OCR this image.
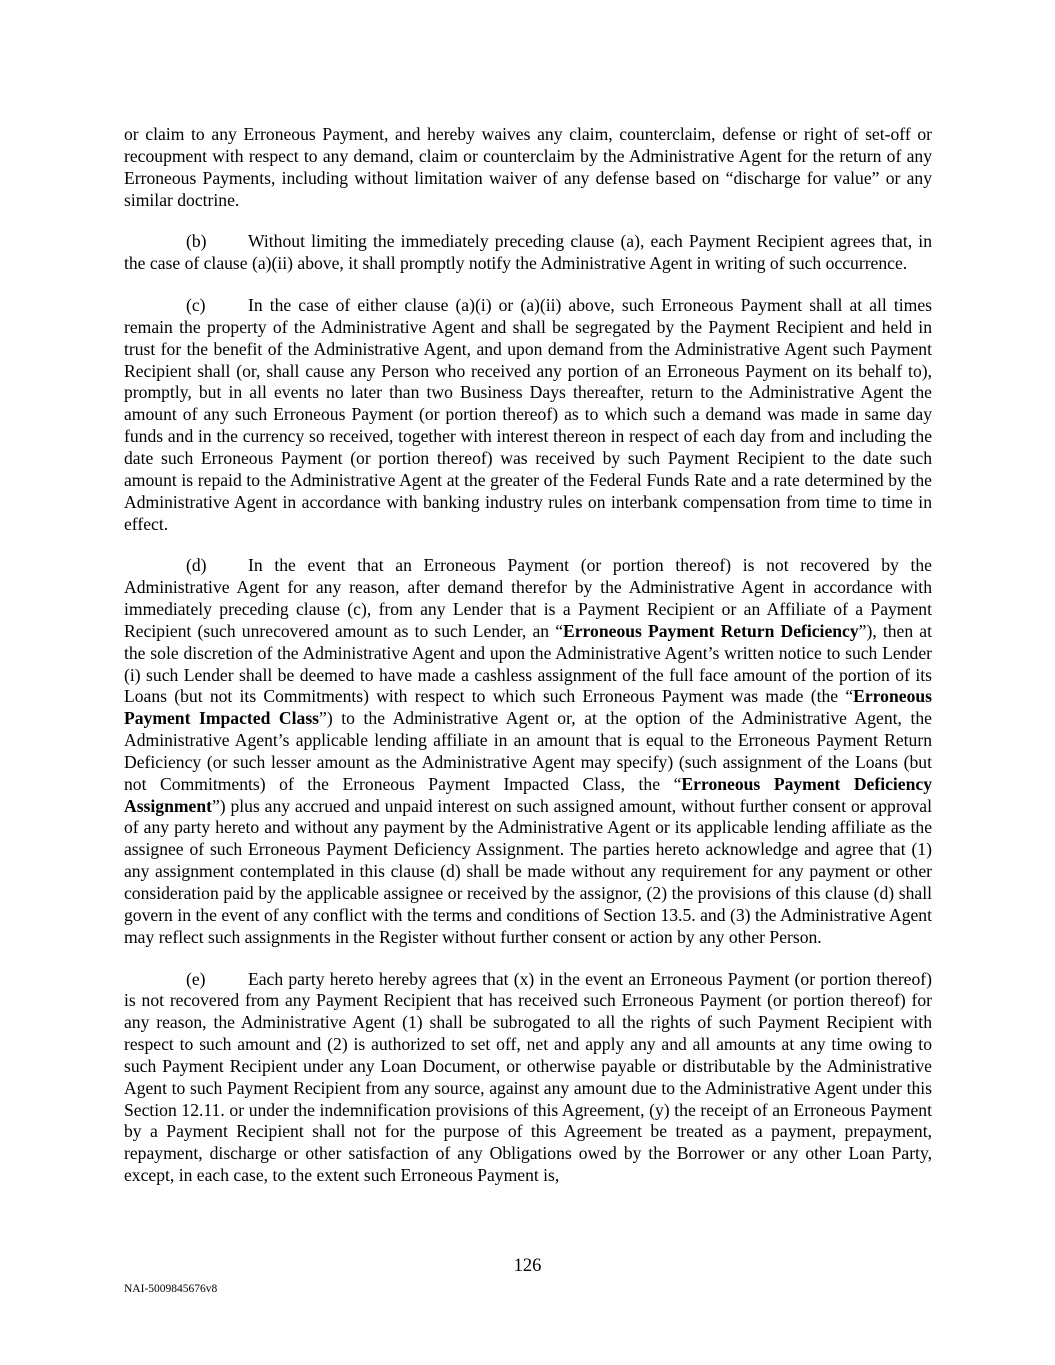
or claim to any Erroneous Payment, and hereby waives any claim, counterclaim, defense or right of set-off or recoupment with respect to any demand, claim or counterclaim by the Administrative Agent for the return of any Erroneous Payments, including without limitation waiver of any defense based on “discharge for value” or any similar doctrine.

(b) Without limiting the immediately preceding clause (a), each Payment Recipient agrees that, in the case of clause (a)(ii) above, it shall promptly notify the Administrative Agent in writing of such occurrence.

(c) In the case of either clause (a)(i) or (a)(ii) above, such Erroneous Payment shall at all times remain the property of the Administrative Agent and shall be segregated by the Payment Recipient and held in trust for the benefit of the Administrative Agent, and upon demand from the Administrative Agent such Payment Recipient shall (or, shall cause any Person who received any portion of an Erroneous Payment on its behalf to), promptly, but in all events no later than two Business Days thereafter, return to the Administrative Agent the amount of any such Erroneous Payment (or portion thereof) as to which such a demand was made in same day funds and in the currency so received, together with interest thereon in respect of each day from and including the date such Erroneous Payment (or portion thereof) was received by such Payment Recipient to the date such amount is repaid to the Administrative Agent at the greater of the Federal Funds Rate and a rate determined by the Administrative Agent in accordance with banking industry rules on interbank compensation from time to time in effect.

(d) In the event that an Erroneous Payment (or portion thereof) is not recovered by the Administrative Agent for any reason, after demand therefor by the Administrative Agent in accordance with immediately preceding clause (c), from any Lender that is a Payment Recipient or an Affiliate of a Payment Recipient (such unrecovered amount as to such Lender, an “Erroneous Payment Return Deficiency”), then at the sole discretion of the Administrative Agent and upon the Administrative Agent’s written notice to such Lender (i) such Lender shall be deemed to have made a cashless assignment of the full face amount of the portion of its Loans (but not its Commitments) with respect to which such Erroneous Payment was made (the “Erroneous Payment Impacted Class”) to the Administrative Agent or, at the option of the Administrative Agent, the Administrative Agent’s applicable lending affiliate in an amount that is equal to the Erroneous Payment Return Deficiency (or such lesser amount as the Administrative Agent may specify) (such assignment of the Loans (but not Commitments) of the Erroneous Payment Impacted Class, the “Erroneous Payment Deficiency Assignment”) plus any accrued and unpaid interest on such assigned amount, without further consent or approval of any party hereto and without any payment by the Administrative Agent or its applicable lending affiliate as the assignee of such Erroneous Payment Deficiency Assignment. The parties hereto acknowledge and agree that (1) any assignment contemplated in this clause (d) shall be made without any requirement for any payment or other consideration paid by the applicable assignee or received by the assignor, (2) the provisions of this clause (d) shall govern in the event of any conflict with the terms and conditions of Section 13.5. and (3) the Administrative Agent may reflect such assignments in the Register without further consent or action by any other Person.

(e) Each party hereto hereby agrees that (x) in the event an Erroneous Payment (or portion thereof) is not recovered from any Payment Recipient that has received such Erroneous Payment (or portion thereof) for any reason, the Administrative Agent (1) shall be subrogated to all the rights of such Payment Recipient with respect to such amount and (2) is authorized to set off, net and apply any and all amounts at any time owing to such Payment Recipient under any Loan Document, or otherwise payable or distributable by the Administrative Agent to such Payment Recipient from any source, against any amount due to the Administrative Agent under this Section 12.11. or under the indemnification provisions of this Agreement, (y) the receipt of an Erroneous Payment by a Payment Recipient shall not for the purpose of this Agreement be treated as a payment, prepayment, repayment, discharge or other satisfaction of any Obligations owed by the Borrower or any other Loan Party, except, in each case, to the extent such Erroneous Payment is,

126
NAI-5009845676v8
